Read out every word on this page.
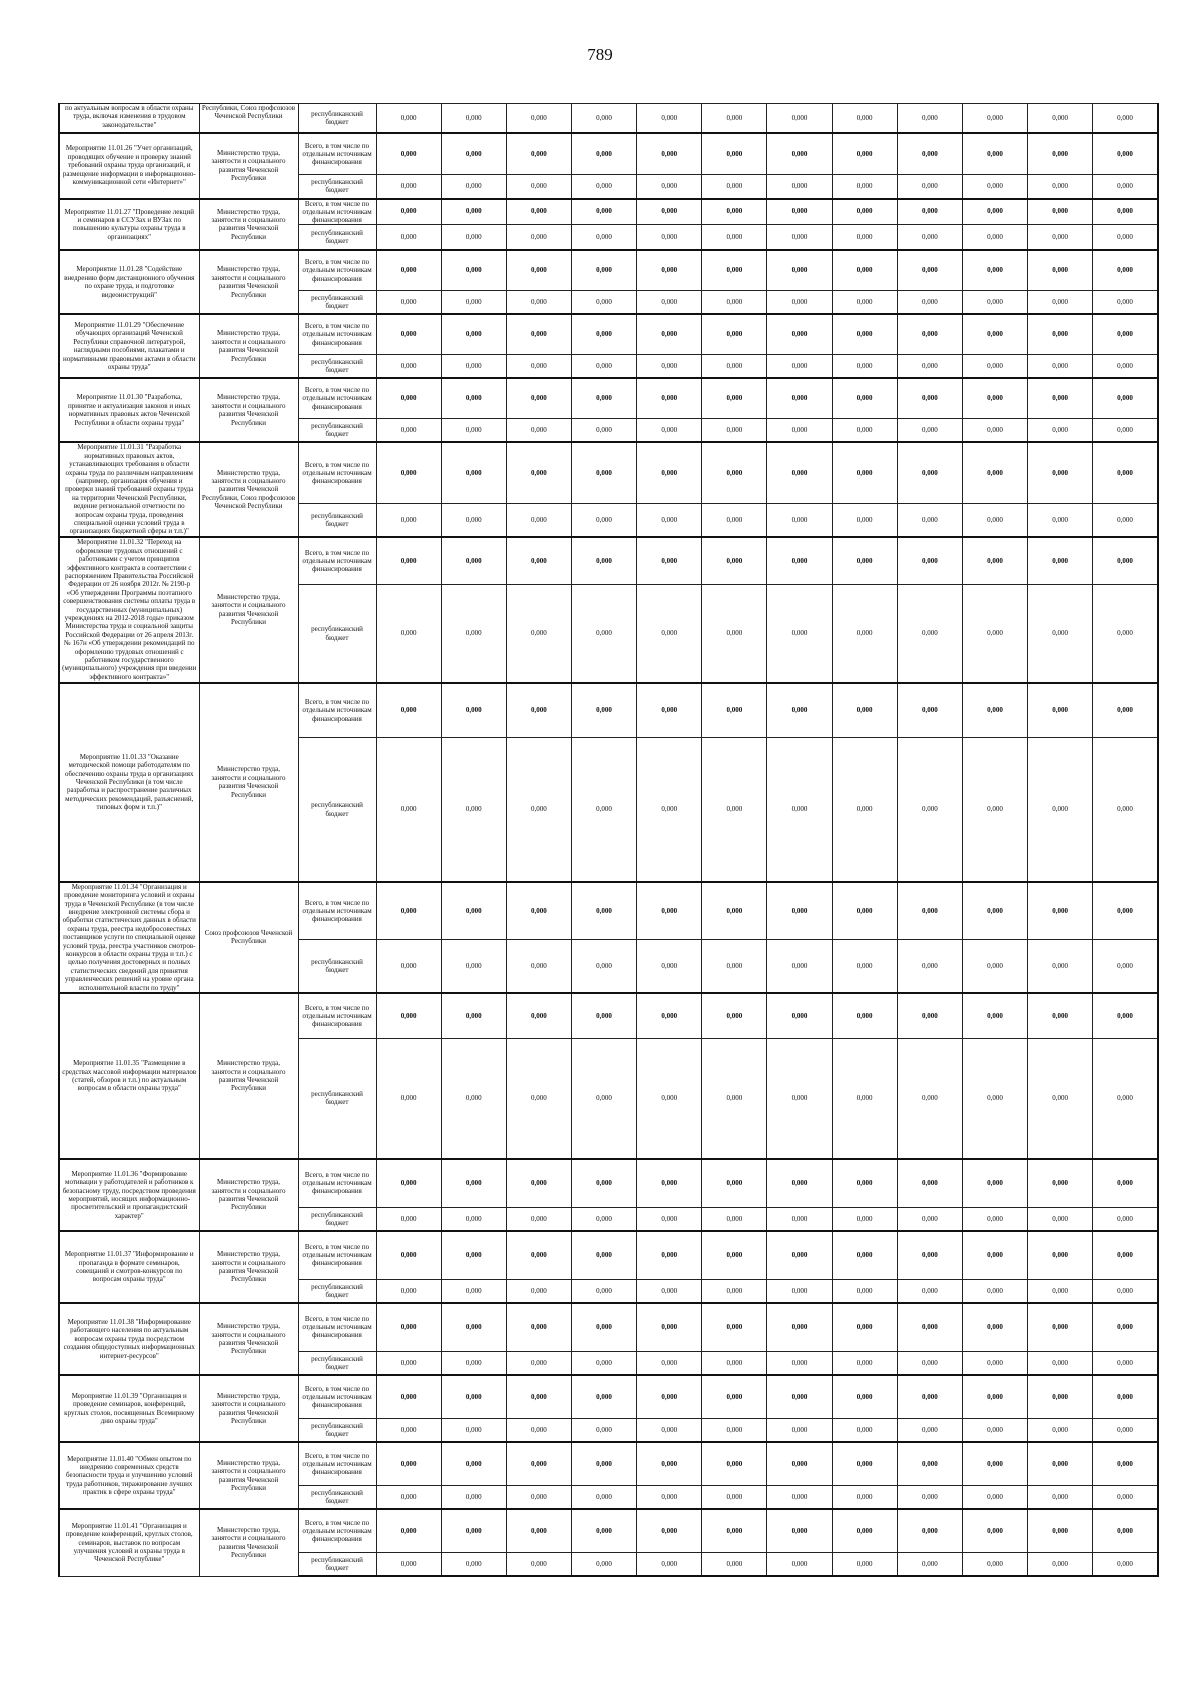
789
по актуальным вопросам в области охраны труда, включая изменения в трудовом законодательстве"	Республики, Союз профсоюзов Чеченской Республики	республиканский бюджет	0,000	0,000	0,000	0,000	0,000	0,000	0,000	0,000	0,000	0,000	0,000	0,000
Мероприятие 11.01.26 "Учет организаций, проводящих обучение и проверку знаний требований охраны труда организаций, и размещение информации в информационно-коммуникационной сети «Интернет»"	Министерство труда, занятости и социального развития Чеченской Республики	Всего, в том числе по отдельным источникам финансирования	0,000	0,000	0,000	0,000	0,000	0,000	0,000	0,000	0,000	0,000	0,000	0,000
		республиканский бюджет	0,000	0,000	0,000	0,000	0,000	0,000	0,000	0,000	0,000	0,000	0,000	0,000
Мероприятие 11.01.27 "Проведение лекций и семинаров в ССУЗах и ВУЗах по повышению культуры охраны труда в организациях"	Министерство труда, занятости и социального развития Чеченской Республики	Всего, в том числе по отдельным источникам финансирования	0,000	0,000	0,000	0,000	0,000	0,000	0,000	0,000	0,000	0,000	0,000	0,000
		республиканский бюджет	0,000	0,000	0,000	0,000	0,000	0,000	0,000	0,000	0,000	0,000	0,000	0,000
Мероприятие 11.01.28 "Содействие внедрению форм дистанционного обучения по охране труда, и подготовке видеоинструкций"	Министерство труда, занятости и социального развития Чеченской Республики	Всего, в том числе по отдельным источникам финансирования	0,000	0,000	0,000	0,000	0,000	0,000	0,000	0,000	0,000	0,000	0,000	0,000
		республиканский бюджет	0,000	0,000	0,000	0,000	0,000	0,000	0,000	0,000	0,000	0,000	0,000	0,000
Мероприятие 11.01.29 "Обеспечение обучающих организаций Чеченской Республики справочной литературой, наглядными пособиями, плакатами и нормативными правовыми актами в области охраны труда"	Министерство труда, занятости и социального развития Чеченской Республики	Всего, в том числе по отдельным источникам финансирования	0,000	0,000	0,000	0,000	0,000	0,000	0,000	0,000	0,000	0,000	0,000	0,000
		республиканский бюджет	0,000	0,000	0,000	0,000	0,000	0,000	0,000	0,000	0,000	0,000	0,000	0,000
Мероприятие 11.01.30 "Разработка, принятие и актуализация законов и иных нормативных правовых актов Чеченской Республики в области охраны труда"	Министерство труда, занятости и социального развития Чеченской Республики	Всего, в том числе по отдельным источникам финансирования	0,000	0,000	0,000	0,000	0,000	0,000	0,000	0,000	0,000	0,000	0,000	0,000
		республиканский бюджет	0,000	0,000	0,000	0,000	0,000	0,000	0,000	0,000	0,000	0,000	0,000	0,000
Мероприятие 11.01.31 "Разработка нормативных правовых актов, устанавливающих требования в области охраны труда по различным направлениям (например, организация обучения и проверки знаний требований охраны труда на территории Чеченской Республики, ведение региональной отчетности по вопросам охраны труда, проведения специальной оценки условий труда в организациях бюджетной сферы и т.п.)"	Министерство труда, занятости и социального развития Чеченской Республики, Союз профсоюзов Чеченской Республики	Всего, в том числе по отдельным источникам финансирования	0,000	0,000	0,000	0,000	0,000	0,000	0,000	0,000	0,000	0,000	0,000	0,000
		республиканский бюджет	0,000	0,000	0,000	0,000	0,000	0,000	0,000	0,000	0,000	0,000	0,000	0,000
Мероприятие 11.01.32 "Переход на оформление трудовых отношений с работниками с учетом принципов эффективного контракта в соответствии с распоряжением Правительства Российской Федерации от 26 ноября 2012г. № 2190-р «Об утверждении Программы поэтапного совершенствования системы оплаты труда в государственных (муниципальных) учреждениях на 2012-2018 годы» приказом Министерства труда и социальной защиты Российской Федерации от 26 апреля 2013г. № 167н «Об утверждении рекомендаций по оформлению трудовых отношений с работником государственного (муниципального) учреждения при введении эффективного контракта»"	Министерство труда, занятости и социального развития Чеченской Республики	Всего, в том числе по отдельным источникам финансирования	0,000	0,000	0,000	0,000	0,000	0,000	0,000	0,000	0,000	0,000	0,000	0,000
		республиканский бюджет	0,000	0,000	0,000	0,000	0,000	0,000	0,000	0,000	0,000	0,000	0,000	0,000
Мероприятие 11.01.33 "Оказание методической помощи работодателям по обеспечению охраны труда в организациях Чеченской Республики (в том числе разработка и распространение различных методических рекомендаций, разъяснений, типовых форм и т.п.)"	Министерство труда, занятости и социального развития Чеченской Республики	Всего, в том числе по отдельным источникам финансирования	0,000	0,000	0,000	0,000	0,000	0,000	0,000	0,000	0,000	0,000	0,000	0,000
		республиканский бюджет	0,000	0,000	0,000	0,000	0,000	0,000	0,000	0,000	0,000	0,000	0,000	0,000
Мероприятие 11.01.34 "Организация и проведение мониторинга условий и охраны труда в Чеченской Республике (в том числе внедрение электронной системы сбора и обработки статистических данных в области охраны труда, реестра недобросовестных поставщиков услуги по специальной оценке условий труда, реестра участников смотров-конкурсов в области охраны труда и т.п.) с целью получения достоверных и полных статистических сведений для принятия управленческих решений на уровне органа исполнительной власти по труду"	Союз профсоюзов Чеченской Республики	Всего, в том числе по отдельным источникам финансирования	0,000	0,000	0,000	0,000	0,000	0,000	0,000	0,000	0,000	0,000	0,000	0,000
		республиканский бюджет	0,000	0,000	0,000	0,000	0,000	0,000	0,000	0,000	0,000	0,000	0,000	0,000
Мероприятие 11.01.35 "Размещение в средствах массовой информации материалов (статей, обзоров и т.п.) по актуальным вопросам в области охраны труда"	Министерство труда, занятости и социального развития Чеченской Республики	Всего, в том числе по отдельным источникам финансирования	0,000	0,000	0,000	0,000	0,000	0,000	0,000	0,000	0,000	0,000	0,000	0,000
		республиканский бюджет	0,000	0,000	0,000	0,000	0,000	0,000	0,000	0,000	0,000	0,000	0,000	0,000
Мероприятие 11.01.36 "Формирование мотивации у работодателей и работников к безопасному труду, посредством проведения мероприятий, носящих информационно-просветительский и пропагандистский характер"	Министерство труда, занятости и социального развития Чеченской Республики	Всего, в том числе по отдельным источникам финансирования	0,000	0,000	0,000	0,000	0,000	0,000	0,000	0,000	0,000	0,000	0,000	0,000
		республиканский бюджет	0,000	0,000	0,000	0,000	0,000	0,000	0,000	0,000	0,000	0,000	0,000	0,000
Мероприятие 11.01.37 "Информирование и пропаганда в формате семинаров, совещаний и смотров-конкурсов по вопросам охраны труда"	Министерство труда, занятости и социального развития Чеченской Республики	Всего, в том числе по отдельным источникам финансирования	0,000	0,000	0,000	0,000	0,000	0,000	0,000	0,000	0,000	0,000	0,000	0,000
		республиканский бюджет	0,000	0,000	0,000	0,000	0,000	0,000	0,000	0,000	0,000	0,000	0,000	0,000
Мероприятие 11.01.38 "Информирование работающего населения по актуальным вопросам охраны труда посредством создания общедоступных информационных интернет-ресурсов"	Министерство труда, занятости и социального развития Чеченской Республики	Всего, в том числе по отдельным источникам финансирования	0,000	0,000	0,000	0,000	0,000	0,000	0,000	0,000	0,000	0,000	0,000	0,000
		республиканский бюджет	0,000	0,000	0,000	0,000	0,000	0,000	0,000	0,000	0,000	0,000	0,000	0,000
Мероприятие 11.01.39 "Организация и проведение семинаров, конференций, круглых столов, посвященных Всемирному дню охраны труда"	Министерство труда, занятости и социального развития Чеченской Республики	Всего, в том числе по отдельным источникам финансирования	0,000	0,000	0,000	0,000	0,000	0,000	0,000	0,000	0,000	0,000	0,000	0,000
		республиканский бюджет	0,000	0,000	0,000	0,000	0,000	0,000	0,000	0,000	0,000	0,000	0,000	0,000
Мероприятие 11.01.40 "Обмен опытом по внедрению современных средств безопасности труда и улучшению условий труда работников, тиражирование лучших практик в сфере охраны труда"	Министерство труда, занятости и социального развития Чеченской Республики	Всего, в том числе по отдельным источникам финансирования	0,000	0,000	0,000	0,000	0,000	0,000	0,000	0,000	0,000	0,000	0,000	0,000
		республиканский бюджет	0,000	0,000	0,000	0,000	0,000	0,000	0,000	0,000	0,000	0,000	0,000	0,000
Мероприятие 11.01.41 "Организация и проведение конференций, круглых столов, семинаров, выставок по вопросам улучшения условий и охраны труда в Чеченской Республике"	Министерство труда, занятости и социального развития Чеченской Республики	Всего, в том числе по отдельным источникам финансирования	0,000	0,000	0,000	0,000	0,000	0,000	0,000	0,000	0,000	0,000	0,000	0,000
		республиканский бюджет	0,000	0,000	0,000	0,000	0,000	0,000	0,000	0,000	0,000	0,000	0,000	0,000
